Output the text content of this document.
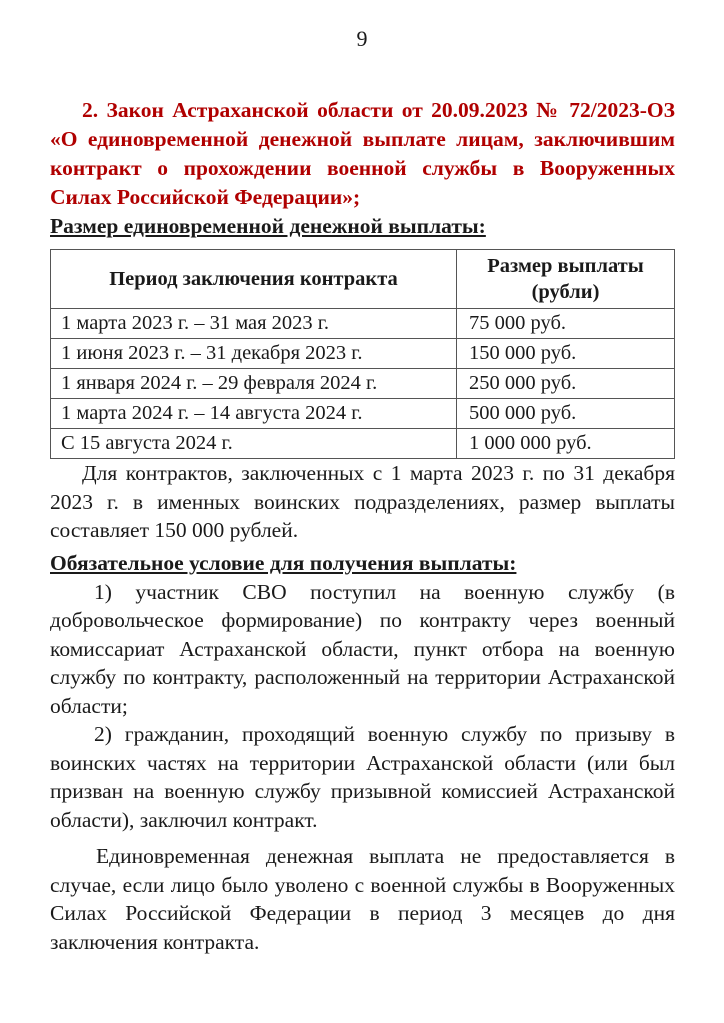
9

2. Закон Астраханской области от 20.09.2023 № 72/2023-ОЗ «О единовременной денежной выплате лицам, заключившим контракт о прохождении военной службы в Вооруженных Силах Российской Федерации»;

Размер единовременной денежной выплаты:

Период заключения контракта	Размер выплаты (рубли)
1 марта 2023 г. – 31 мая 2023 г.	75 000 руб.
1 июня 2023 г. – 31 декабря 2023 г.	150 000 руб.
1 января 2024 г. – 29 февраля 2024 г.	250 000 руб.
1 марта 2024 г. – 14 августа 2024 г.	500 000 руб.
С 15 августа 2024 г.	1 000 000 руб.

Для контрактов, заключенных с 1 марта 2023 г. по 31 декабря 2023 г. в именных воинских подразделениях, размер выплаты составляет 150 000 рублей.

Обязательное условие для получения выплаты:

1) участник СВО поступил на военную службу (в добровольческое формирование) по контракту через военный комиссариат Астраханской области, пункт отбора на военную службу по контракту, расположенный на территории Астраханской области;

2) гражданин, проходящий военную службу по призыву в воинских частях на территории Астраханской области (или был призван на военную службу призывной комиссией Астраханской области), заключил контракт.

Единовременная денежная выплата не предоставляется в случае, если лицо было уволено с военной службы в Вооруженных Силах Российской Федерации в период 3 месяцев до дня заключения контракта.
